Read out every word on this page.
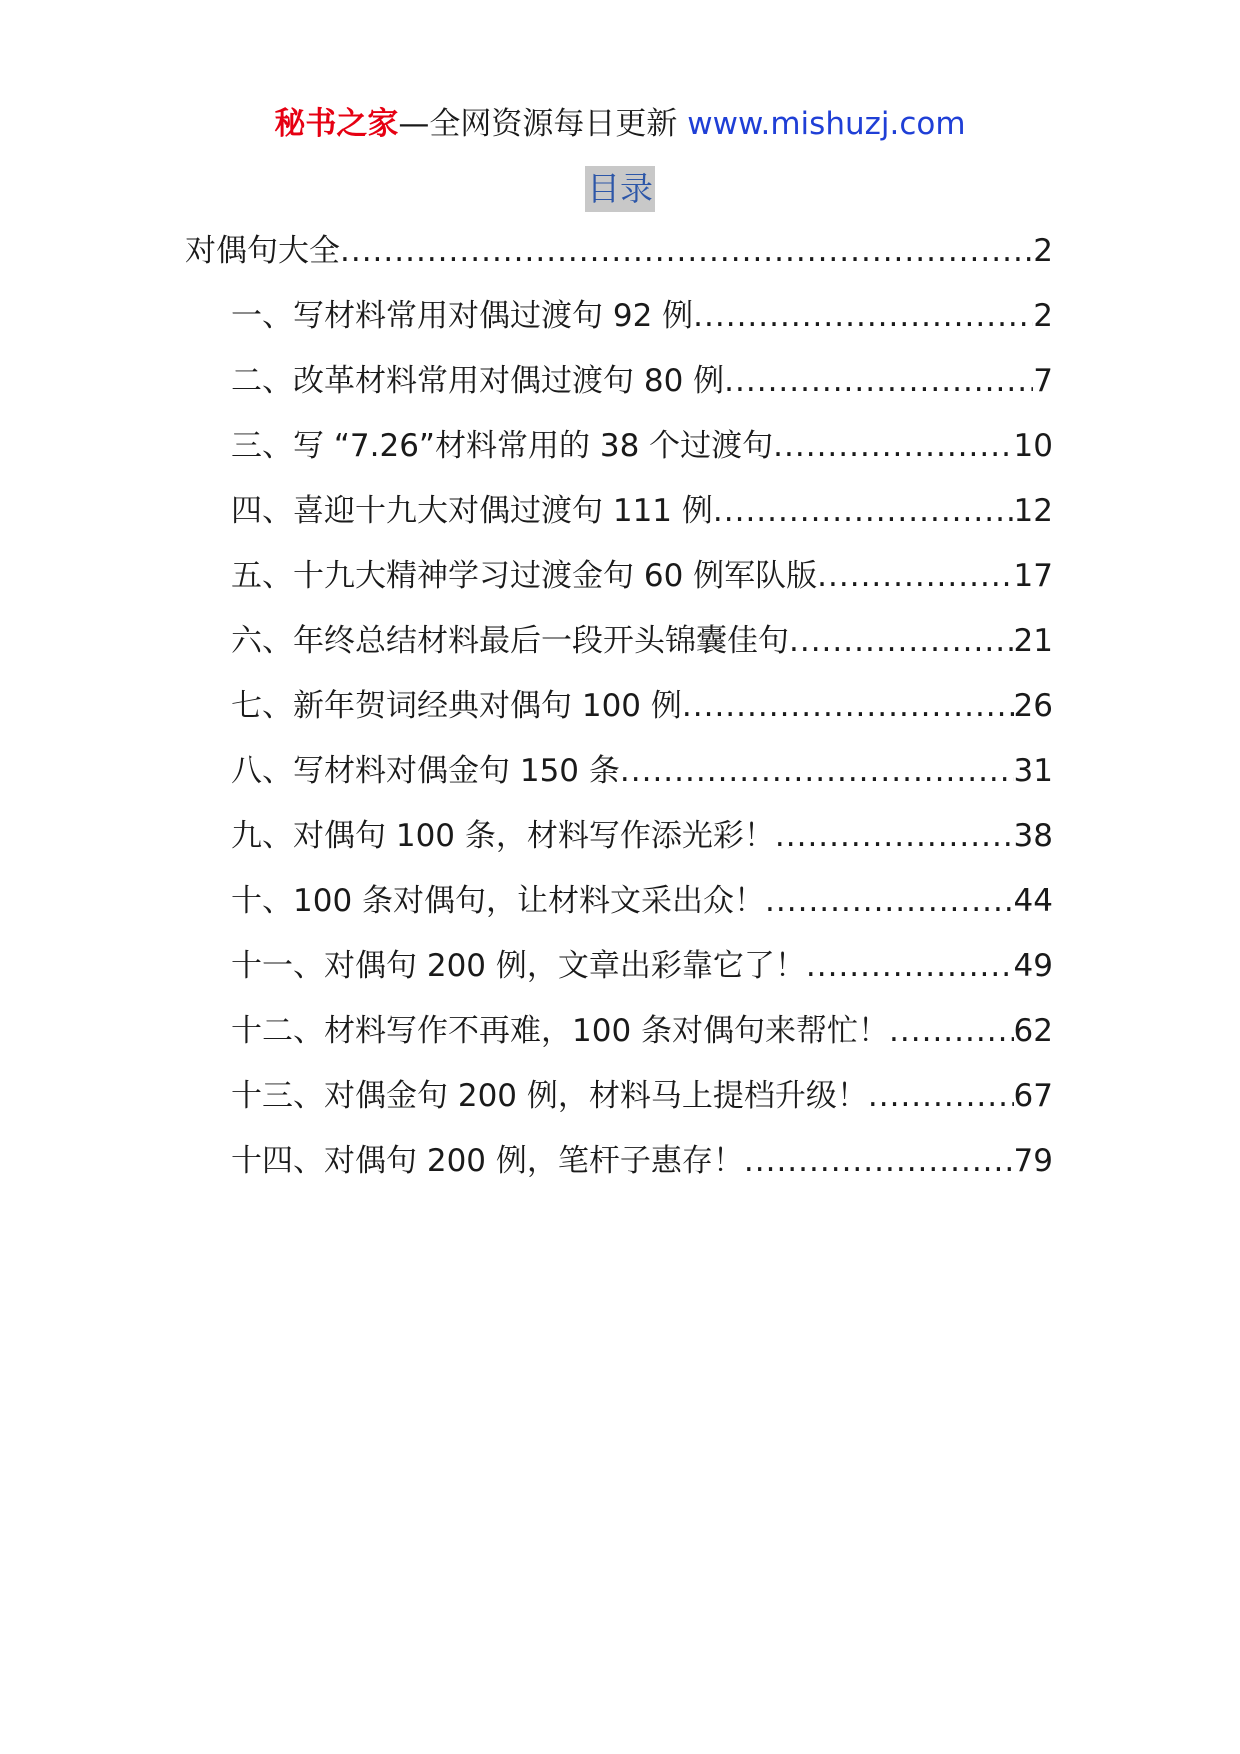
秘书之家—全网资源每日更新 www.mishuzj.com
目录
对偶句大全 .....	2
一、写材料常用对偶过渡句 92 例 .....	2
二、改革材料常用对偶过渡句 80 例 .....	7
三、写 “7.26”材料常用的 38 个过渡句 .....	10
四、喜迎十九大对偶过渡句 111 例 .....	12
五、十九大精神学习过渡金句 60 例军队版 .....	17
六、年终总结材料最后一段开头锦囊佳句 .....	21
七、新年贺词经典对偶句 100 例 .....	26
八、写材料对偶金句 150 条 .....	31
九、对偶句 100 条，材料写作添光彩！ .....	38
十、100 条对偶句，让材料文采出众！ .....	44
十一、对偶句 200 例，文章出彩靠它了！ .....	49
十二、材料写作不再难，100 条对偶句来帮忙！ .....	62
十三、对偶金句 200 例，材料马上提档升级！ .....	67
十四、对偶句 200 例，笔杆子惠存！ .....	79
